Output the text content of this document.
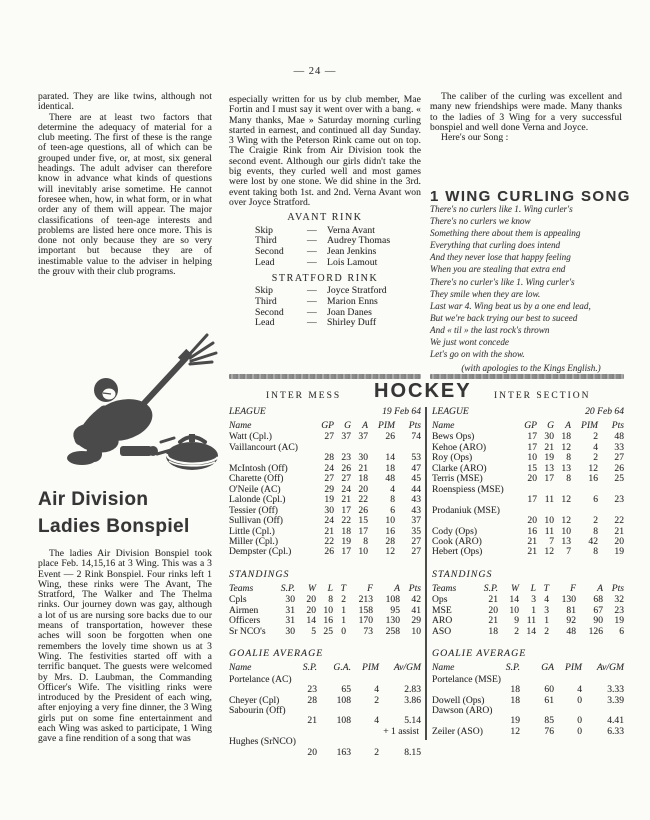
— 24 —

parated. They are like twins, although not identical.

There are at least two factors that determine the adequacy of material for a club meeting. The first of these is the range of teen-age questions, all of which can be grouped under five, or, at most, six general headings. The adult adviser can therefore know in advance what kinds of questions will inevitably arise sometime. He cannot foresee when, how, in what form, or in what order any of them will appear. The major classifications of teen-age interests and problems are listed here once more. This is done not only because they are so very important but because they are of inestimable value to the adviser in helping the grouv with their club programs.

Air Division
Ladies Bonspiel

The ladies Air Division Bonspiel took place Feb. 14,15,16 at 3 Wing. This was a 3 Event — 2 Rink Bonspiel. Four rinks left 1 Wing, these rinks were The Avant, The Stratford, The Walker and The Thelma rinks. Our journey down was gay, although a lot of us are nursing sore backs due to our means of transportation, however these aches will soon be forgotten when one remembers the lovely time shown us at 3 Wing. The festivities started off with a terrific banquet. The guests were welcomed by Mrs. D. Laubman, the Commanding Officer's Wife. The visitling rinks were introduced by the President of each wing, after enjoying a very fine dinner, the 3 Wing girls put on some fine entertainment and each Wing was asked to participate, 1 Wing gave a fine rendition of a song that was

especially written for us by club member, Mae Fortin and I must say it went over with a bang. « Many thanks, Mae » Saturday morning curling started in earnest, and continued all day Sunday. 3 Wing with the Peterson Rink came out on top. The Craigie Rink from Air Division took the second event. Although our girls didn't take the big events, they curled well and most games were lost by one stone. We did shine in the 3rd. event taking both 1st. and 2nd. Verna Avant won over Joyce Stratford.

AVANT RINK
Skip	—	Verna Avant
Third	—	Audrey Thomas
Second	—	Jean Jenkins
Lead	—	Lois Lamout
STRATFORD RINK
Skip	—	Joyce Stratford
Third	—	Marion Enns
Second	—	Joan Danes
Lead	—	Shirley Duff

The caliber of the curling was excellent and many new friendships were made. Many thanks to the ladies of 3 Wing for a very successful bonspiel and well done Verna and Joyce.

Here's our Song :

1 WING CURLING SONG
There's no curlers like 1. Wing curler's
There's no curlers we know
Something there about them is appealing
Everything that curling does intend
And they never lose that happy feeling
When you are stealing that extra end
There's no curler's like 1. Wing curler's
They smile when they are low.
Last war 4. Wing beat us by a one end lead,
But we're back trying our best to suceed
And « til » the last rock's thrown
We just wont concede
Let's go on with the show.
(with apologies to the Kings English.)
HOCKEY
INTER MESS	INTER SECTION
LEAGUE	19 Feb 64
Name	GP	G	A	PIM	Pts
Watt (Cpl.)	27 37 37	26	74
Vaillancourt (AC)
28 23 30	14	53
McIntosh (Off)	24 26 21	18	47
Charette (Off)	27 27 18	48	45
O'Neile (AC)	29 24 20	4	44
Lalonde (Cpl.)	19 21 22	8	43
Tessier (Off)	30 17 26	6	43
Sullivan (Off)	24 22 15	10	37
Little (Cpl.)	21 18 17	16	35
Miller (Cpl.)	22 19	8	28	27
Dempster (Cpl.)	26 17 10	12	27
STANDINGS
Teams	S.P.	W	L T	F	A Pts
Cpls	30	20	8 2	213	108	42
Airmen	31	20 10 1	158	95	41
Officers	31	14 16 1	170	130	29
Sr NCO's	30	5 25 0	73	258	10
GOALIE AVERAGE
Name	S.P.	G.A.	PIM	Av/GM
Portelance (AC)
23	65	4	2.83
Cheyer (Cpl)	28	108	2	3.86
Sabourin (Off)
21	108	4	5.14
+ 1 assist
Hughes (SrNCO)
20	163	2	8.15
LEAGUE	20 Feb 64
Name	GP	G	A	PIM	Pts
Bews Ops)	17 30 18	2	48
Kehoe (ARO)	17 21 12	4	33
Roy (Ops)	10 19	8	2	27
Clarke (ARO)	15 13 13	12	26
Terris (MSE)	20 17	8	16	25
Roenspiess (MSE)
17 11 12	6	23
Prodaniuk (MSE)
20 10 12	2	22
Cody (Ops)	16 11 10	8	21
Cook (ARO)	21	7 13	42	20
Hebert (Ops)	21 12	7	8	19
STANDINGS
Teams	S.P.	W	L T	F	A Pts
Ops	21	14	3 4	130	68	32
MSE	20	10	1 3	81	67	23
ARO	21	9 11 1	92	90	19
ASO	18	2 14 2	48	126	6
GOALIE AVERAGE
Name	S.P.	GA	PIM	Av/GM
Portelance (MSE)
18	60	4	3.33
Dowell (Ops)	18	61	0	3.39
Dawson (ARO)
19	85	0	4.41
Zeiler (ASO)	12	76	0	6.33
